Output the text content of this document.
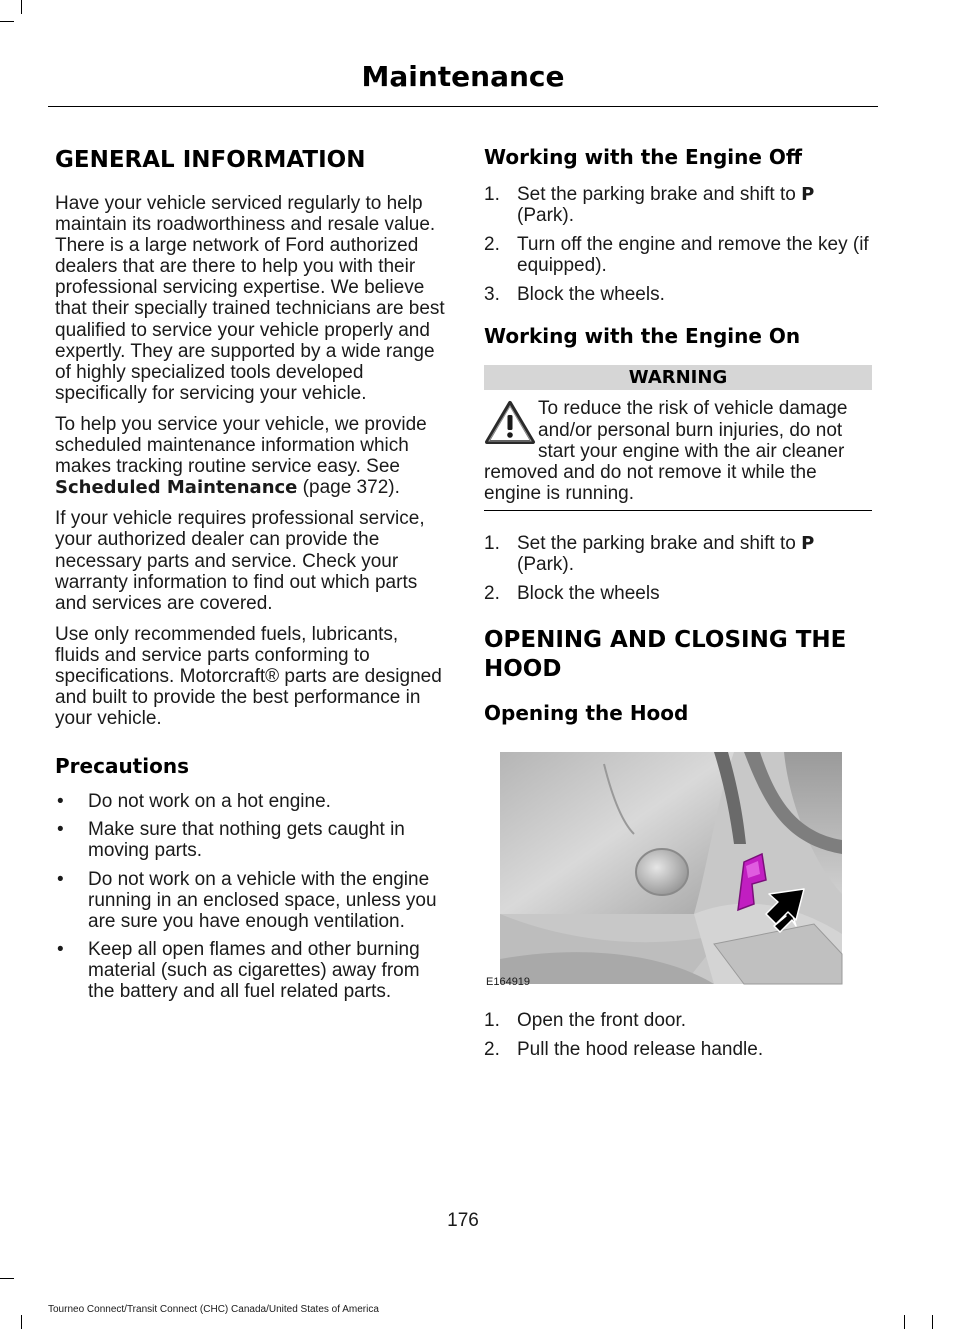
Maintenance
GENERAL INFORMATION

Have your vehicle serviced regularly to help maintain its roadworthiness and resale value. There is a large network of Ford authorized dealers that are there to help you with their professional servicing expertise. We believe that their specially trained technicians are best qualified to service your vehicle properly and expertly. They are supported by a wide range of highly specialized tools developed specifically for servicing your vehicle.

To help you service your vehicle, we provide scheduled maintenance information which makes tracking routine service easy. See Scheduled Maintenance (page 372).

If your vehicle requires professional service, your authorized dealer can provide the necessary parts and service. Check your warranty information to find out which parts and services are covered.

Use only recommended fuels, lubricants, fluids and service parts conforming to specifications. Motorcraft® parts are designed and built to provide the best performance in your vehicle.

Precautions
• Do not work on a hot engine.
• Make sure that nothing gets caught in moving parts.
• Do not work on a vehicle with the engine running in an enclosed space, unless you are sure you have enough ventilation.
• Keep all open flames and other burning material (such as cigarettes) away from the battery and all fuel related parts.
Working with the Engine Off
1. Set the parking brake and shift to P (Park).
2. Turn off the engine and remove the key (if equipped).
3. Block the wheels.
Working with the Engine On
WARNING
To reduce the risk of vehicle damage and/or personal burn injuries, do not start your engine with the air cleaner removed and do not remove it while the engine is running.
1. Set the parking brake and shift to P (Park).
2. Block the wheels
OPENING AND CLOSING THE HOOD
Opening the Hood
E164919
1. Open the front door.
2. Pull the hood release handle.
176
Tourneo Connect/Transit Connect (CHC) Canada/United States of America
